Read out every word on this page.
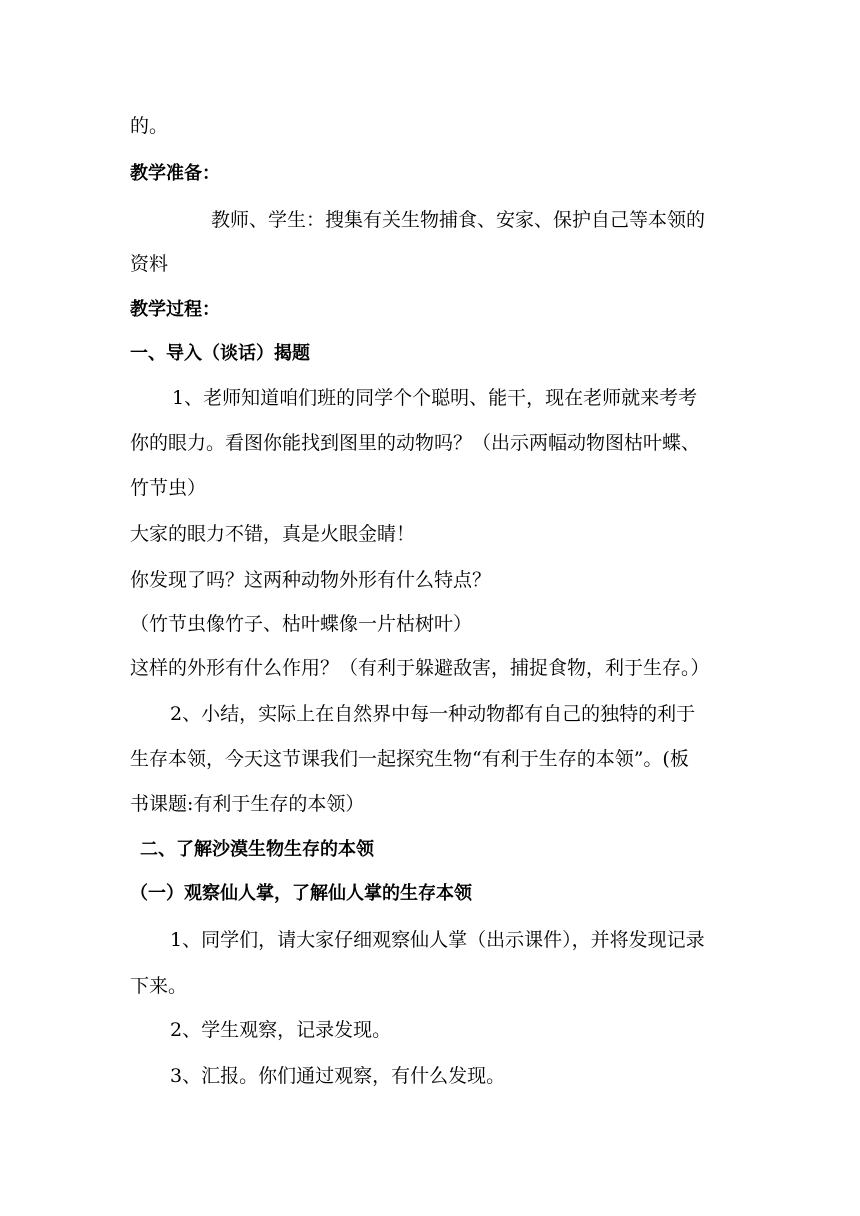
的。
教学准备：
教师、学生：搜集有关生物捕食、安家、保护自己等本领的
资料
教学过程：
一、导入（谈话）揭题
1、老师知道咱们班的同学个个聪明、能干，现在老师就来考考
你的眼力。看图你能找到图里的动物吗？（出示两幅动物图枯叶蝶、
竹节虫）
大家的眼力不错，真是火眼金睛！
你发现了吗？这两种动物外形有什么特点？
（竹节虫像竹子、枯叶蝶像一片枯树叶）
这样的外形有什么作用？（有利于躲避敌害，捕捉食物，利于生存。）
2、小结，实际上在自然界中每一种动物都有自己的独特的利于
生存本领，今天这节课我们一起探究生物“有利于生存的本领”。(板
书课题:有利于生存的本领）
二、了解沙漠生物生存的本领
（一）观察仙人掌，了解仙人掌的生存本领
1、同学们，请大家仔细观察仙人掌（出示课件），并将发现记录
下来。
2、学生观察，记录发现。
3、汇报。你们通过观察，有什么发现。
